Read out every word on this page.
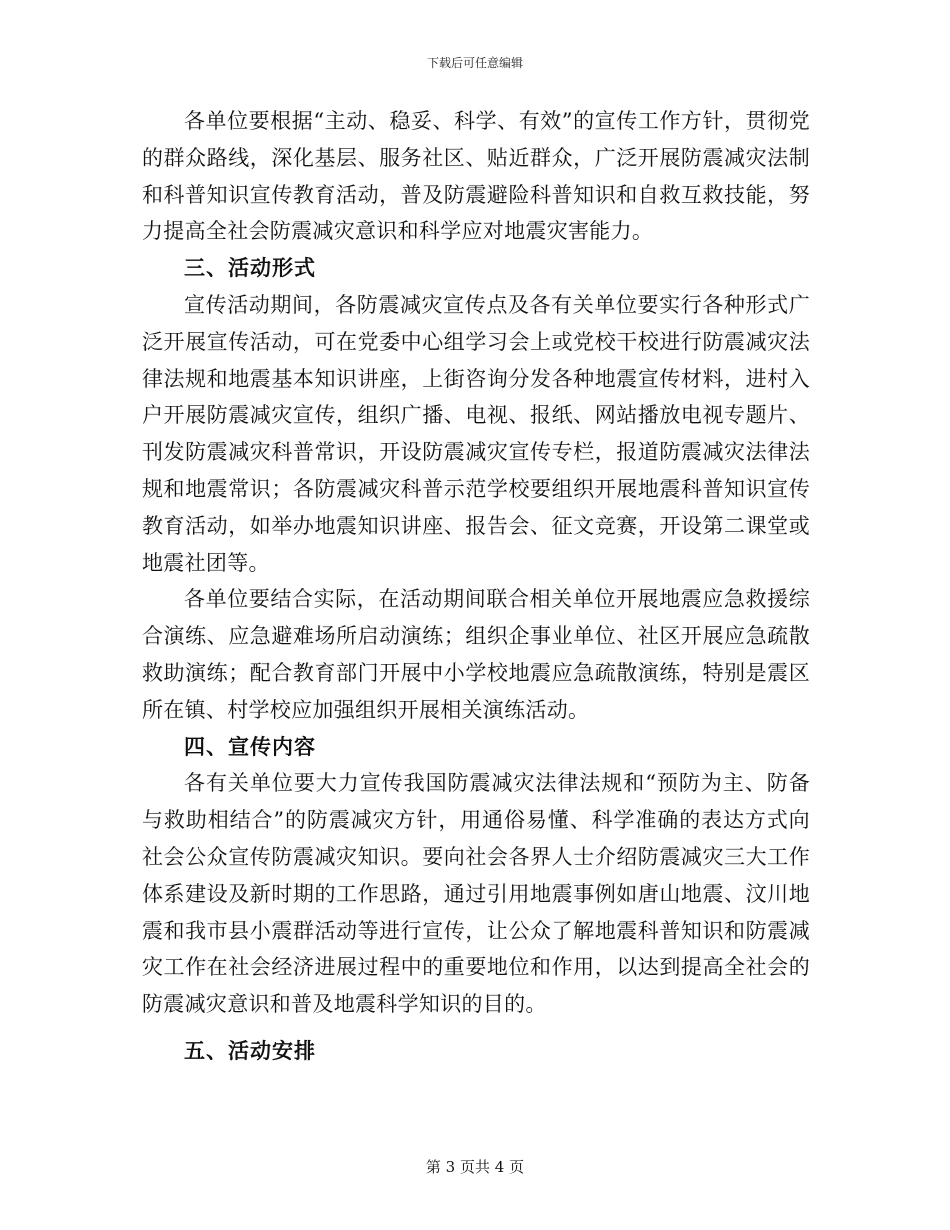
下载后可任意编辑

各单位要根据“主动、稳妥、科学、有效”的宣传工作方针，贯彻党的群众路线，深化基层、服务社区、贴近群众，广泛开展防震减灾法制和科普知识宣传教育活动，普及防震避险科普知识和自救互救技能，努力提高全社会防震减灾意识和科学应对地震灾害能力。

三、活动形式

宣传活动期间，各防震减灾宣传点及各有关单位要实行各种形式广泛开展宣传活动，可在党委中心组学习会上或党校干校进行防震减灾法律法规和地震基本知识讲座，上街咨询分发各种地震宣传材料，进村入户开展防震减灾宣传，组织广播、电视、报纸、网站播放电视专题片、刊发防震减灾科普常识，开设防震减灾宣传专栏，报道防震减灾法律法规和地震常识；各防震减灾科普示范学校要组织开展地震科普知识宣传教育活动，如举办地震知识讲座、报告会、征文竞赛，开设第二课堂或地震社团等。

各单位要结合实际，在活动期间联合相关单位开展地震应急救援综合演练、应急避难场所启动演练；组织企事业单位、社区开展应急疏散救助演练；配合教育部门开展中小学校地震应急疏散演练，特别是震区所在镇、村学校应加强组织开展相关演练活动。

四、宣传内容

各有关单位要大力宣传我国防震减灾法律法规和“预防为主、防备与救助相结合”的防震减灾方针，用通俗易懂、科学准确的表达方式向社会公众宣传防震减灾知识。要向社会各界人士介绍防震减灾三大工作体系建设及新时期的工作思路，通过引用地震事例如唐山地震、汶川地震和我市县小震群活动等进行宣传，让公众了解地震科普知识和防震减灾工作在社会经济进展过程中的重要地位和作用，以达到提高全社会的防震减灾意识和普及地震科学知识的目的。

五、活动安排

第 3 页共 4 页
